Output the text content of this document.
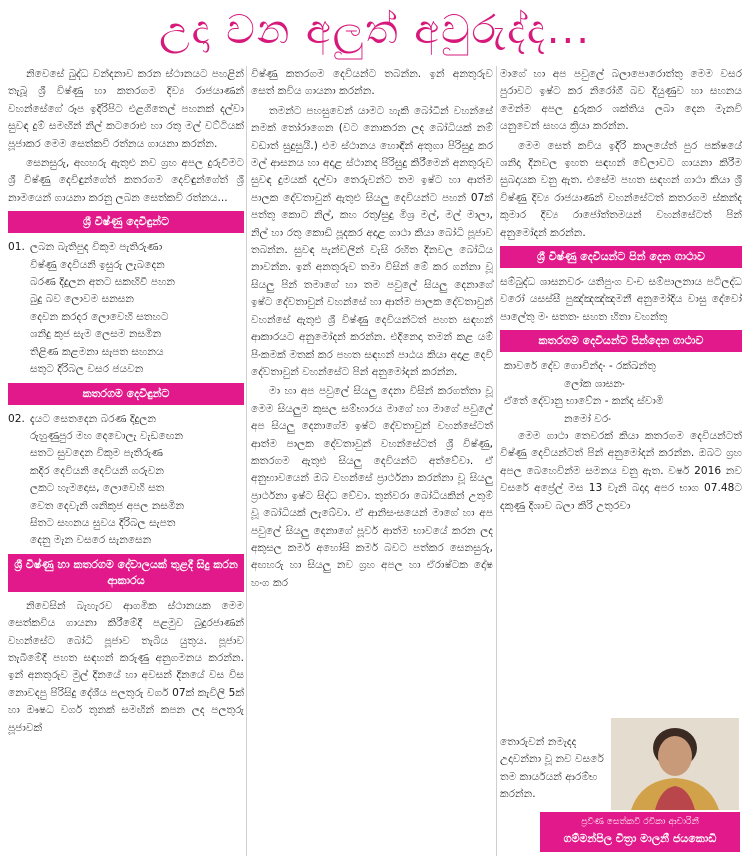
උදා වන අලුත් අවුරුද්ද...

නිවෙසේ බුද්ධ වන්දනාව කරන ස්ථානයට පහළින් තැබූ ශ්‍රී විෂ්ණු හා කතරගම දිව්‍ය රාජයාණන් වහන්සේගේ රූප ඉදිරිපිට එළගිතෙල් පහනක් දල්වා සුවඳ දුම් සමඟින් නිල් කටරොළු හා රතු මල් වට්ටියක් පූජාකර මෙම සෙත්කවි රත්නය ගායනා කරන්න.

සෙනසුරු, අඟහරු ඇතුළු නව ග්‍රහ අපල දුරුවීමට ශ්‍රී විෂ්ණු දෙවිඳුන්ගේත් කතරගම දෙවිඳුන්ගේත් ශ්‍රී නාමයෙන් ගායනා කරනු ලබන සෙත්කවි රත්නය...

ශ්‍රී විෂ්ණු දෙවිඳුන්ට
01. ලබන බැතිපුද විකුම පැතිරුණා
විෂ්ණු දෙවියනි ඉසුරු ලැබදෙන
බරණ දිදුලන අතට සකඟිවී පහන
බුදු බව ලොවම සනසන
දෙවන කරදර ලොවෙහි සතහට
ශනිදු කුජ සැම ලෙසම නසමින
තිළිණ කළමනා සැපත සහනය
සතුට දිරිබල වසර ජයවන
කතරගම දෙවිඳුන්ට
02. දැයට සෙතදෙන බරණ දිදුලන
රුහුණුපුර මහ දෙවොලැ වැඩඟෙන
සතට සුවදෙන විකුම පැතිරුණ
කදිර දෙවියනි දෙවියනි ගරුවන
ලකට හැමදොස, ලොවෙහි සත
වෙත දෙවැනි ශනිකුජ අපල නසමින
සිතට සහනය සුවය දිරිබල සැපත
දෙනු මැන වසරෙ සැනසෙන
ශ්‍රී විෂ්ණු හා කතරගම දේවාලයක් තුළදී සිදු කරන ආකාරය

නිවෙසින් බැහැරව ආගමික ස්ථානයක මෙම සෙත්කවිය ගායනා කිරීමේදී පළමුව බුදුරජාණන් වහන්සේට බෝධි පූජාව තැබිය යුතුය. පූජාව තැබීමේදී පහත සඳහන් කරුණු අනුගමනය කරන්න. ඉන් අනතුරුව මුල් දිනයේ හා අවසන් දිනයේ වස විස නොවදපු පිරිසිදු දේශීය පලතුරු වර්ග 07ක් කැවිලි 5ක් හා ඖෂධ වර්ග තුනක් සමඟින් කපන ලද පලතුරු පූජාවක්

විෂ්ණු කතරගම දෙවියන්ට තබන්න. ඉන් අනතුරුව සෙත් කවිය ගායනා කරන්න.

තමන්ට පහසුවෙන් යාමට හැකි බෝධීන් වහන්සේ නමක් තෝරාගෙන (වට නොකරන ලද බෝධියක් නම් වඩාත් සුදුසුයි.) එම ස්ථානය හොඳින් අතුගා පිරිසුදු කර මල් ආසනය හා අදාළ ස්ථානද පිරිසුදු කිරීමෙන් අනතුරුව සුවඳ දුමයක් දල්වා තෙරුවන්ට තම ඉෂ්ට හා ආත්ම පාලක දේවතාවුන් ඇතුළු සියලු දෙවියන්ට පහන් 07ක් පත්තු කොට නිල්, කහ රතු/සුදු මිශ්‍ර මල්, මල් මාලා, නිල් හා රතු කොඩි පූදකර අදාළ ගාථා කියා බෝධි පූජාව තබන්න. සුවඳ පැන්වලින් වැසි රහිත දිනවල බෝධිය නාවන්න. ඉන් අනතුරුව තමා විසින් මේ කර ගන්නා වූ සියලු පින් තමාගේ හා තම පවුලේ සියලු දෙනාගේ ඉෂ්ට දේවතාවුන් වහන්සේ හා ආත්ම පාලක දේවතාවුන් වහන්සේ ඇතුළු ශ්‍රී විෂ්ණු දෙවියන්ටත් පහත සඳහන් ආකාරයට අනුමෝදන් කරන්න. එදිනෙදා තමන් කළ යම් පිංකමක් මතක් කර පහත සඳහන් පාඨය කියා අදාළ දෙවි දේවතාවුන් වහන්සේට පින් අනුමෝදන් කරන්න.

මා හා අප පවුලේ සියලු දෙනා විසින් කරගත්තා වූ මෙම සියලුම කුසල සම්භාරය මාගේ හා මාගේ පවුලේ අප සියලු දෙනාගේම ඉෂ්ට දේවතාවුන් වහන්සේටත් ආත්ම පාලක දේවතාවුන් වහන්සේටත් ශ්‍රී විෂ්ණු, කතරගම ඇතුළු සියලු දෙවියන්ට අත්වේවා. ඒ අනුභාවයෙන් ඔබ වහන්සේ ප්‍රාර්ථනා කරන්නා වූ සියලු ප්‍රාර්ථනා ඉෂ්ට සිද්ධ වේවා. තුන්වරා බෝධියකින් උතුම් වූ බෝධියක් ලැබේවා. ඒ ආනිසංසයෙන් මාගේ හා අප පවුලේ සියලු දෙනාගේ පූර්ව ආත්ම භාවයේ කරන ලද අකුසල කර්ම අහෝසි කර්ම බවට පත්කර සෙනසුරු, අඟහරු හා සියලු නව ග්‍රහ අපල හා ඒරාෂ්ටක දෝෂ හංග කර

මාගේ හා අප පවුලේ බලාපොරොත්තු මෙම වසර පුරාවට ඉෂ්ට කර නිරෝගී බව දියුණුව හා සහනය මෙන්ම අපල දුරුකර ශක්තිය ලබා දෙන මැනවි යනුවෙන් සහය ක්‍රියා කරන්න.

මෙම සෙත් කවිය ඉදිරි කාලයේත් පුර පක්ෂයේ ශනිදා දිනවල ඉහත සඳහන් වේලාවට ගායනා කිරීම සුබදායක වනු ඇත. එසේම පහත සඳහන් ගාථා කියා ශ්‍රී විෂ්ණු දිව්‍ය රාජයාණන් වහන්සේටත් කතරගම ස්කන්ද කුමාර දිව්‍ය රාජෝත්තමයන් වහන්සේටත් පින් අනුමෝදන් කරන්න.

ශ්‍රී විෂ්ණු දෙවියන්ට පින් දෙන ගාථාව

සම්බුද්ධ ශාසනවරං යතිපුංග වංච සම්පාලනාය පටිලද්ධ වරෝ යසස්සී පුඤ්ඤඤ්ඤමනී අනුමෝදිය වාසු දේවෝ පාලේතු මං සතතං සහත හිතා වහන්තු

කතරගම දෙවියන්ට පින්දෙන ගාථාව
කාවරේ දේව ගොවින්දං - රක්ඛන්තු
ලෝක ශාසනං
ඒතේ දේවානු භාවේන - කන්ද ස්වාමි
නමෝ වරං

මෙම ගාථා තෙවරක් කියා කතරගම දෙවියන්ටත් විෂ්ණු දෙවියන්ටත් පින් අනුමෝදන් කරන්න. ඔබට ග්‍රහ අපල බෙහෙවින්ම සමනය වනු ඇත. වර්ෂ 2016 නව වසරේ අප්‍රේල් මස 13 වැනි බදාදා අපර භාග 07.48ට දකුණු දිශාව බලා කිරි උතුරවා

තොරුවන් නමැදද උදාවන්නා වූ නව වසරේ තම කාර්යයන් ආරම්භ කරන්න.
ප්‍රවීණ සෙත්කවි රචිකා ආචාරිනී
ගම්මන්පිල චිත්‍රා මාලනී ජයකොඩි
